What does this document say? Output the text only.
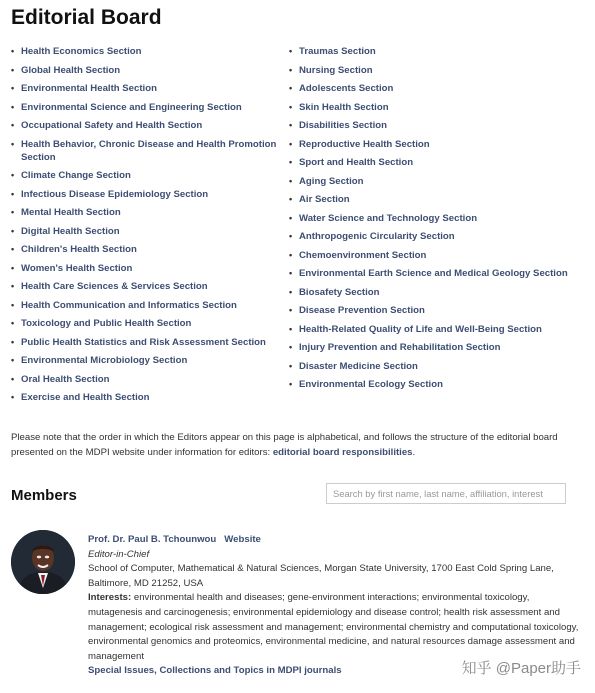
Editorial Board
• Health Economics Section
• Global Health Section
• Environmental Health Section
• Environmental Science and Engineering Section
• Occupational Safety and Health Section
• Health Behavior, Chronic Disease and Health Promotion Section
• Climate Change Section
• Infectious Disease Epidemiology Section
• Mental Health Section
• Digital Health Section
• Children's Health Section
• Women's Health Section
• Health Care Sciences & Services Section
• Health Communication and Informatics Section
• Toxicology and Public Health Section
• Public Health Statistics and Risk Assessment Section
• Environmental Microbiology Section
• Oral Health Section
• Exercise and Health Section
• Traumas Section
• Nursing Section
• Adolescents Section
• Skin Health Section
• Disabilities Section
• Reproductive Health Section
• Sport and Health Section
• Aging Section
• Air Section
• Water Science and Technology Section
• Anthropogenic Circularity Section
• Chemoenvironment Section
• Environmental Earth Science and Medical Geology Section
• Biosafety Section
• Disease Prevention Section
• Health-Related Quality of Life and Well-Being Section
• Injury Prevention and Rehabilitation Section
• Disaster Medicine Section
• Environmental Ecology Section
Please note that the order in which the Editors appear on this page is alphabetical, and follows the structure of the editorial board presented on the MDPI website under information for editors: editorial board responsibilities.
Members
Search by first name, last name, affiliation, interest
Prof. Dr. Paul B. Tchounwou Website
Editor-in-Chief
School of Computer, Mathematical & Natural Sciences, Morgan State University, 1700 East Cold Spring Lane, Baltimore, MD 21252, USA
Interests: environmental health and diseases; gene-environment interactions; environmental toxicology, mutagenesis and carcinogenesis; environmental epidemiology and disease control; health risk assessment and management; ecological risk assessment and management; environmental chemistry and computational toxicology, environmental genomics and proteomics, environmental medicine, and natural resources damage assessment and management
Special Issues, Collections and Topics in MDPI journals	知乎 @Paper助手
